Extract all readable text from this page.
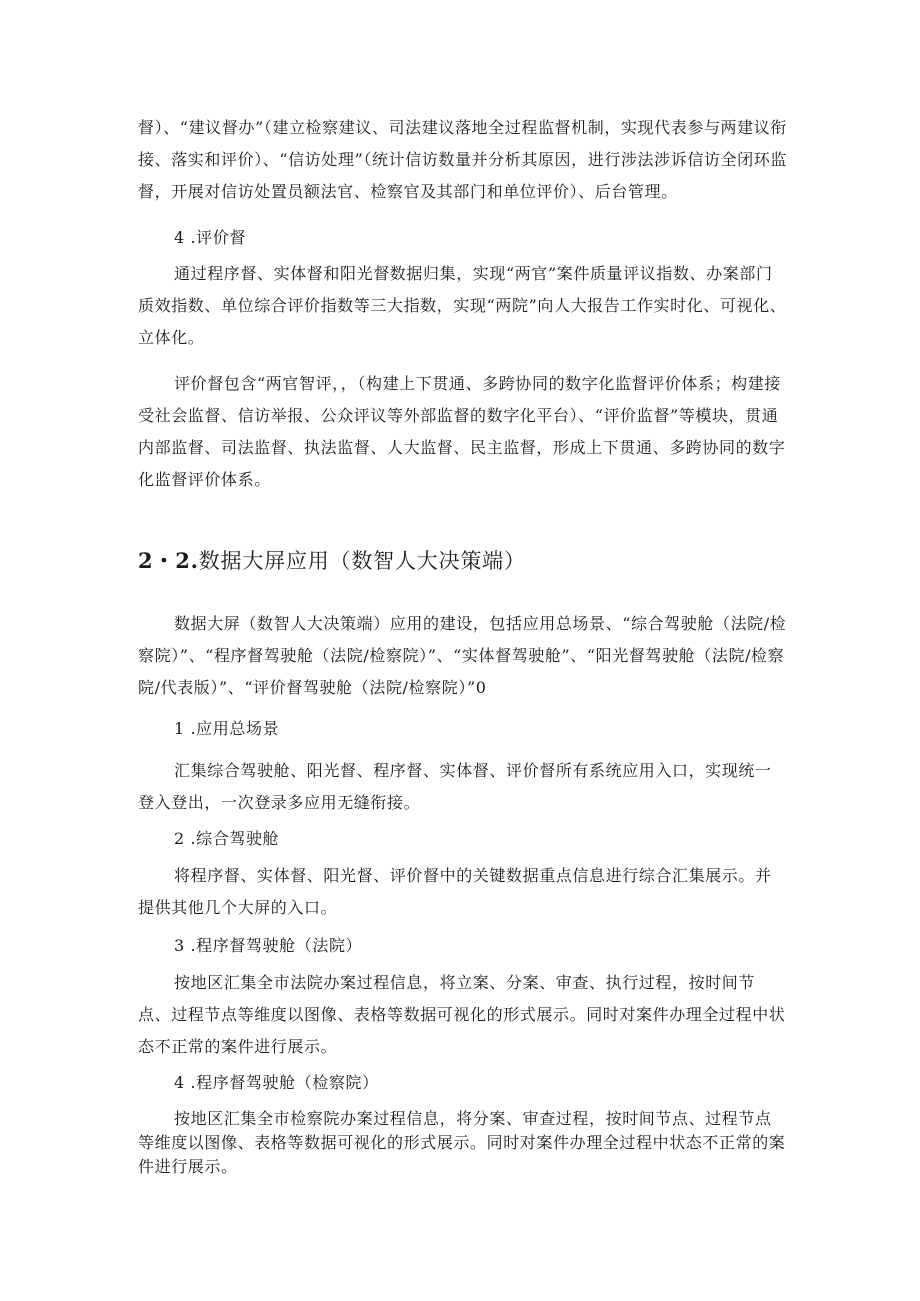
督）、“建议督办”（建立检察建议、司法建议落地全过程监督机制，实现代表参与两建议衔接、落实和评价）、“信访处理”（统计信访数量并分析其原因，进行涉法涉诉信访全闭环监督，开展对信访处置员额法官、检察官及其部门和单位评价）、后台管理。

4 .评价督

通过程序督、实体督和阳光督数据归集，实现“两官”案件质量评议指数、办案部门质效指数、单位综合评价指数等三大指数，实现“两院”向人大报告工作实时化、可视化、立体化。

评价督包含“两官智评，，（构建上下贯通、多跨协同的数字化监督评价体系；构建接受社会监督、信访举报、公众评议等外部监督的数字化平台）、“评价监督”等模块，贯通内部监督、司法监督、执法监督、人大监督、民主监督，形成上下贯通、多跨协同的数字化监督评价体系。

2・2.数据大屏应用（数智人大决策端）

数据大屏（数智人大决策端）应用的建设，包括应用总场景、“综合驾驶舱（法院/检察院）”、“程序督驾驶舱（法院/检察院）”、“实体督驾驶舱”、“阳光督驾驶舱（法院/检察院/代表版）”、“评价督驾驶舱（法院/检察院）”0

1 .应用总场景

汇集综合驾驶舱、阳光督、程序督、实体督、评价督所有系统应用入口，实现统一登入登出，一次登录多应用无缝衔接。

2 .综合驾驶舱

将程序督、实体督、阳光督、评价督中的关键数据重点信息进行综合汇集展示。并提供其他几个大屏的入口。

3 .程序督驾驶舱（法院）

按地区汇集全市法院办案过程信息，将立案、分案、审查、执行过程，按时间节点、过程节点等维度以图像、表格等数据可视化的形式展示。同时对案件办理全过程中状态不正常的案件进行展示。

4 .程序督驾驶舱（检察院）

按地区汇集全市检察院办案过程信息，将分案、审查过程，按时间节点、过程节点等维度以图像、表格等数据可视化的形式展示。同时对案件办理全过程中状态不正常的案件进行展示。
